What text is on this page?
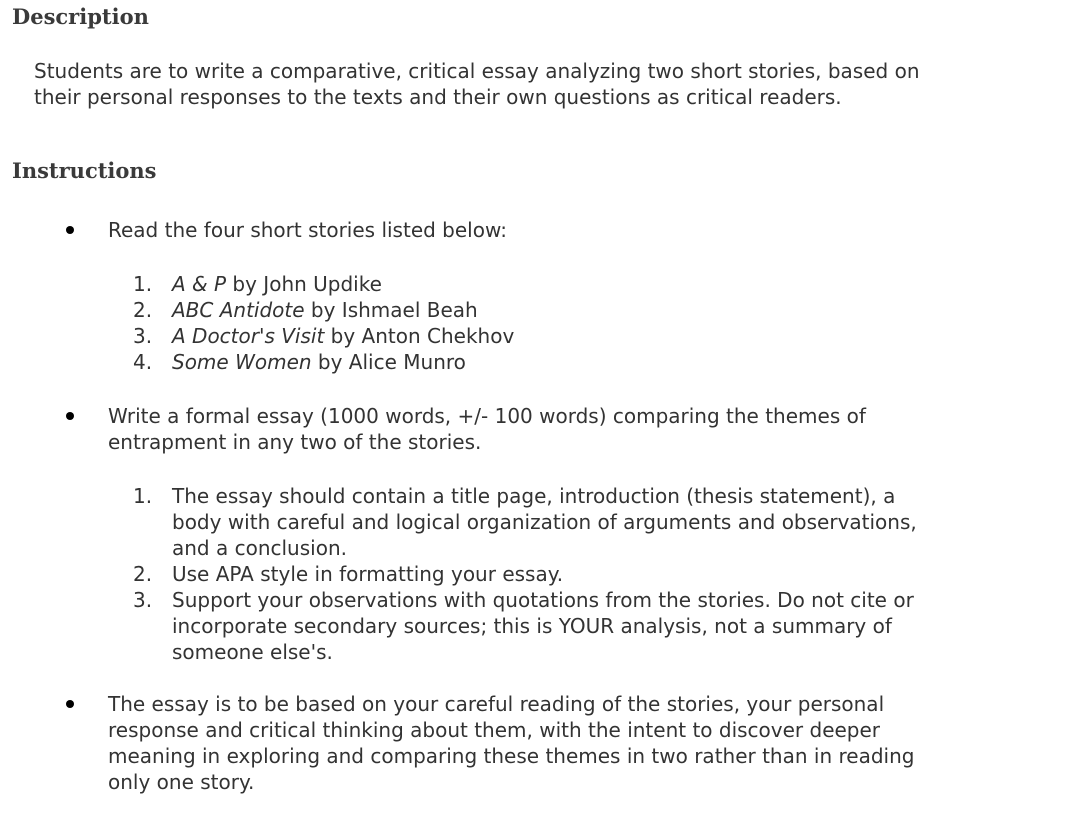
Description
Students are to write a comparative, critical essay analyzing two short stories, based on
their personal responses to the texts and their own questions as critical readers.
Instructions
Read the four short stories listed below:
1. A & P by John Updike
2. ABC Antidote by Ishmael Beah
3. A Doctor's Visit by Anton Chekhov
4. Some Women by Alice Munro
Write a formal essay (1000 words, +/- 100 words) comparing the themes of
entrapment in any two of the stories.
1. The essay should contain a title page, introduction (thesis statement), a
body with careful and logical organization of arguments and observations,
and a conclusion.
2. Use APA style in formatting your essay.
3. Support your observations with quotations from the stories. Do not cite or
incorporate secondary sources; this is YOUR analysis, not a summary of
someone else's.
The essay is to be based on your careful reading of the stories, your personal
response and critical thinking about them, with the intent to discover deeper
meaning in exploring and comparing these themes in two rather than in reading
only one story.
